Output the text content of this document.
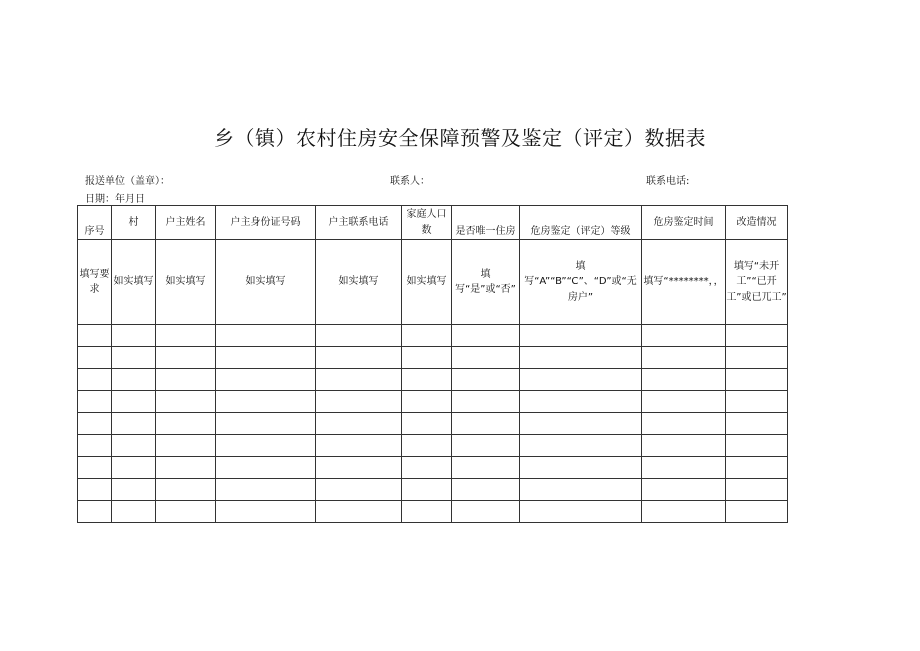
乡（镇）农村住房安全保障预警及鉴定（评定）数据表
报送单位（盖章）：	联系人：	联系电话:
日期：年月日
序号	村	户主姓名	户主身份证号码	户主联系电话	家庭人口数	是否唯一住房	危房鉴定（评定）等级	危房鉴定时间	改造情况
填写要求	如实填写	如实填写	如实填写	如实填写	如实填写	填写“是”或“否”	填写“A”“B”“C”、“D”或“无房户”	填写“********，，	填写“未开工”“已开工”或已兀工”
